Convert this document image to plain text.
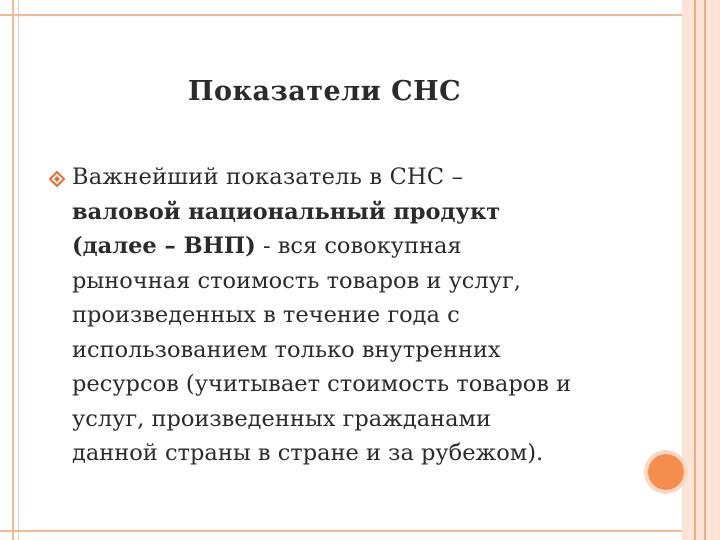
Показатели СНС
Важнейший показатель в СНС –
валовой национальный продукт
(далее – ВНП) - вся совокупная
рыночная стоимость товаров и услуг,
произведенных в течение года с
использованием только внутренних
ресурсов (учитывает стоимость товаров и
услуг, произведенных гражданами
данной страны в стране и за рубежом).
